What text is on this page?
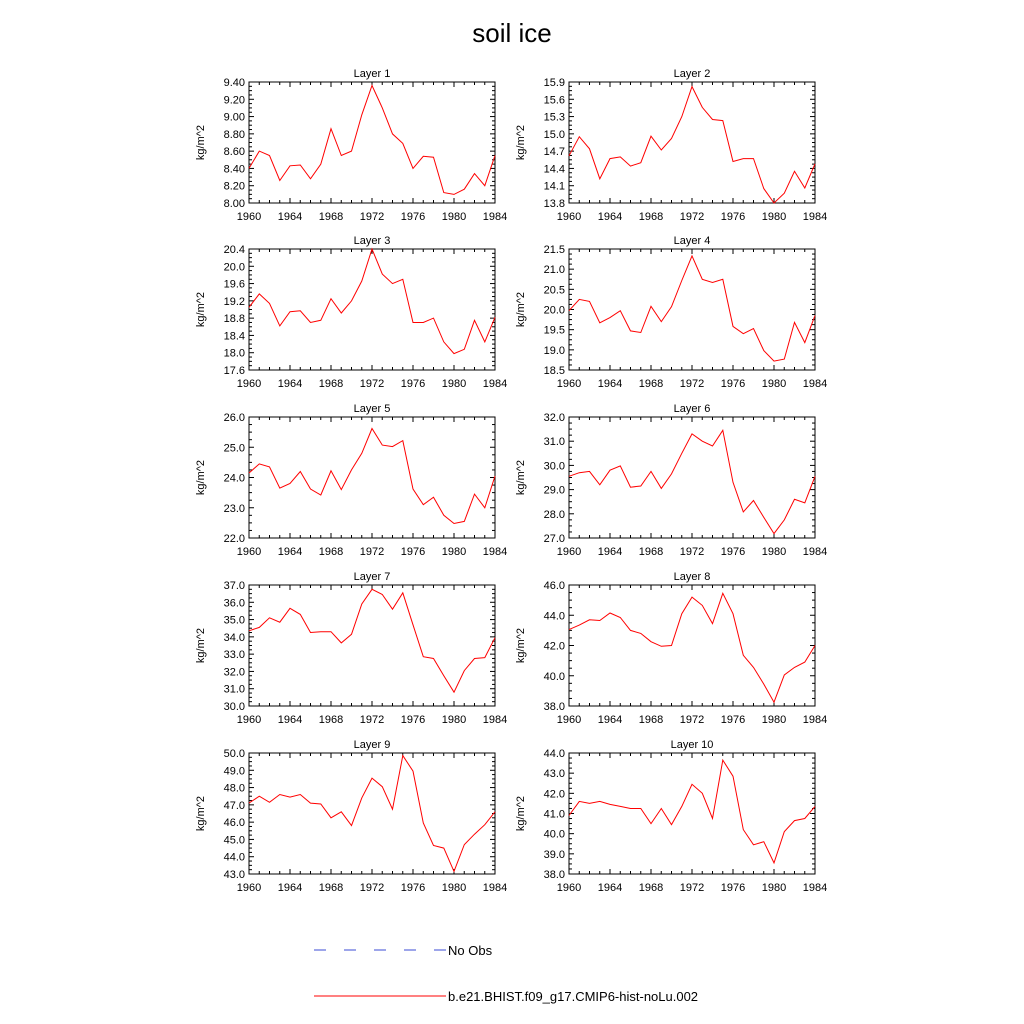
soil ice
Layer 1
kg/m^2
1960 1964 1968 1972 1976 1980 1984
8.00
8.20
8.40
8.60
8.80
9.00
9.20
9.40
Layer 2
kg/m^2
1960 1964 1968 1972 1976 1980 1984
13.8
14.1
14.4
14.7
15.0
15.3
15.6
15.9
Layer 3
kg/m^2
1960 1964 1968 1972 1976 1980 1984
17.6
18.0
18.4
18.8
19.2
19.6
20.0
20.4
Layer 4
kg/m^2
1960 1964 1968 1972 1976 1980 1984
18.5
19.0
19.5
20.0
20.5
21.0
21.5
Layer 5
kg/m^2
1960 1964 1968 1972 1976 1980 1984
22.0
23.0
24.0
25.0
26.0
Layer 6
kg/m^2
1960 1964 1968 1972 1976 1980 1984
27.0
28.0
29.0
30.0
31.0
32.0
Layer 7
kg/m^2
1960 1964 1968 1972 1976 1980 1984
30.0
31.0
32.0
33.0
34.0
35.0
36.0
37.0
Layer 8
kg/m^2
1960 1964 1968 1972 1976 1980 1984
38.0
40.0
42.0
44.0
46.0
Layer 9
kg/m^2
1960 1964 1968 1972 1976 1980 1984
43.0
44.0
45.0
46.0
47.0
48.0
49.0
50.0
Layer 10
kg/m^2
1960 1964 1968 1972 1976 1980 1984
38.0
39.0
40.0
41.0
42.0
43.0
44.0
No Obs
b.e21.BHIST.f09_g17.CMIP6-hist-noLu.002
